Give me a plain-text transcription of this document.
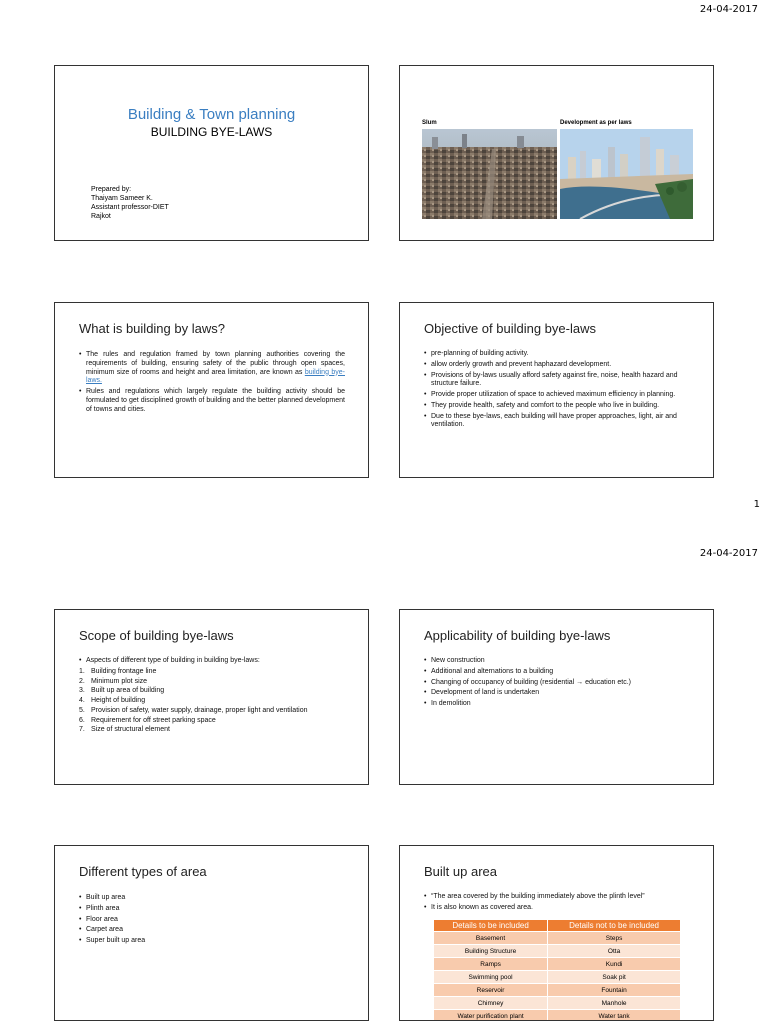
24-04-2017
Building & Town planning
BUILDING BYE-LAWS
Prepared by:
Thaiyam Sameer K.
Assistant professor-DIET
Rajkot
Slum	Development as per laws
What is building by laws?
• The rules and regulation framed by town planning authorities covering the requirements of building, ensuring safety of the public through open spaces, minimum size of rooms and height and area limitation, are known as building bye-laws.
• Rules and regulations which largely regulate the building activity should be formulated to get disciplined growth of building and the better planned development of towns and cities.
Objective of building bye-laws
• pre-planning of building activity.
• allow orderly growth and prevent haphazard development.
• Provisions of by-laws usually afford safety against fire, noise, health hazard and structure failure.
• Provide proper utilization of space to achieved maximum efficiency in planning.
• They provide health, safety and comfort to the people who live in building.
• Due to these bye-laws, each building will have proper approaches, light, air and ventilation.
1
24-04-2017
Scope of building bye-laws
• Aspects of different type of building in building bye-laws:
1. Building frontage line
2. Minimum plot size
3. Built up area of building
4. Height of building
5. Provision of safety, water supply, drainage, proper light and ventilation
6. Requirement for off street parking space
7. Size of structural element
Applicability of building bye-laws
• New construction
• Additional and alternations to a building
• Changing of occupancy of building (residential → education etc.)
• Development of land is undertaken
• In demolition
Different types of area
• Built up area
• Plinth area
• Floor area
• Carpet area
• Super built up area
Built up area
• “The area covered by the building immediately above the plinth level”
• It is also known as covered area.
Details to be included	Details not to be included
Basement	Steps
Building Structure	Otta
Ramps	Kundi
Swimming pool	Soak pit
Reservoir	Fountain
Chimney	Manhole
Water purification plant	Water tank
